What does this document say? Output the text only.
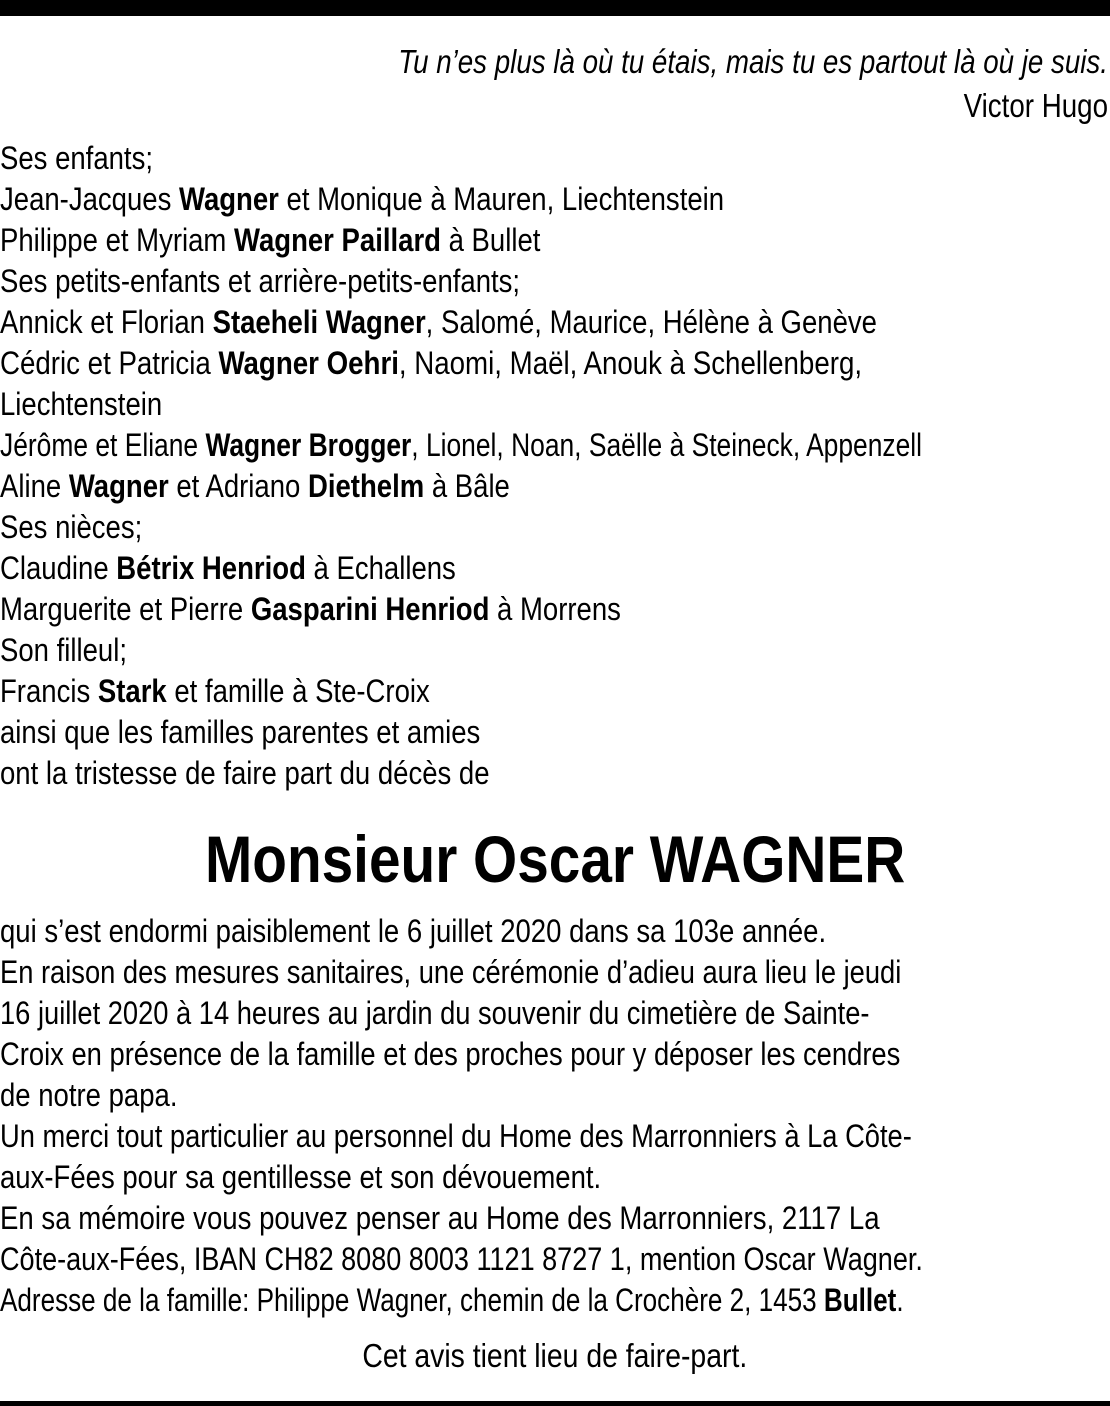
Tu n’es plus là où tu étais, mais tu es partout là où je suis.
Victor Hugo
Ses enfants;
Jean-Jacques Wagner et Monique à Mauren, Liechtenstein
Philippe et Myriam Wagner Paillard à Bullet
Ses petits-enfants et arrière-petits-enfants;
Annick et Florian Staeheli Wagner, Salomé, Maurice, Hélène à Genève
Cédric et Patricia Wagner Oehri, Naomi, Maël, Anouk à Schellenberg,
Liechtenstein
Jérôme et Eliane Wagner Brogger, Lionel, Noan, Saëlle à Steineck, Appenzell
Aline Wagner et Adriano Diethelm à Bâle
Ses nièces;
Claudine Bétrix Henriod à Echallens
Marguerite et Pierre Gasparini Henriod à Morrens
Son filleul;
Francis Stark et famille à Ste-Croix
ainsi que les familles parentes et amies
ont la tristesse de faire part du décès de
Monsieur Oscar WAGNER
qui s’est endormi paisiblement le 6 juillet 2020 dans sa 103e année.
En raison des mesures sanitaires, une cérémonie d’adieu aura lieu le jeudi
16 juillet 2020 à 14 heures au jardin du souvenir du cimetière de Sainte-
Croix en présence de la famille et des proches pour y déposer les cendres
de notre papa.
Un merci tout particulier au personnel du Home des Marronniers à La Côte-
aux-Fées pour sa gentillesse et son dévouement.
En sa mémoire vous pouvez penser au Home des Marronniers, 2117 La
Côte-aux-Fées, IBAN CH82 8080 8003 1121 8727 1, mention Oscar Wagner.
Adresse de la famille: Philippe Wagner, chemin de la Crochère 2, 1453 Bullet.
Cet avis tient lieu de faire-part.
